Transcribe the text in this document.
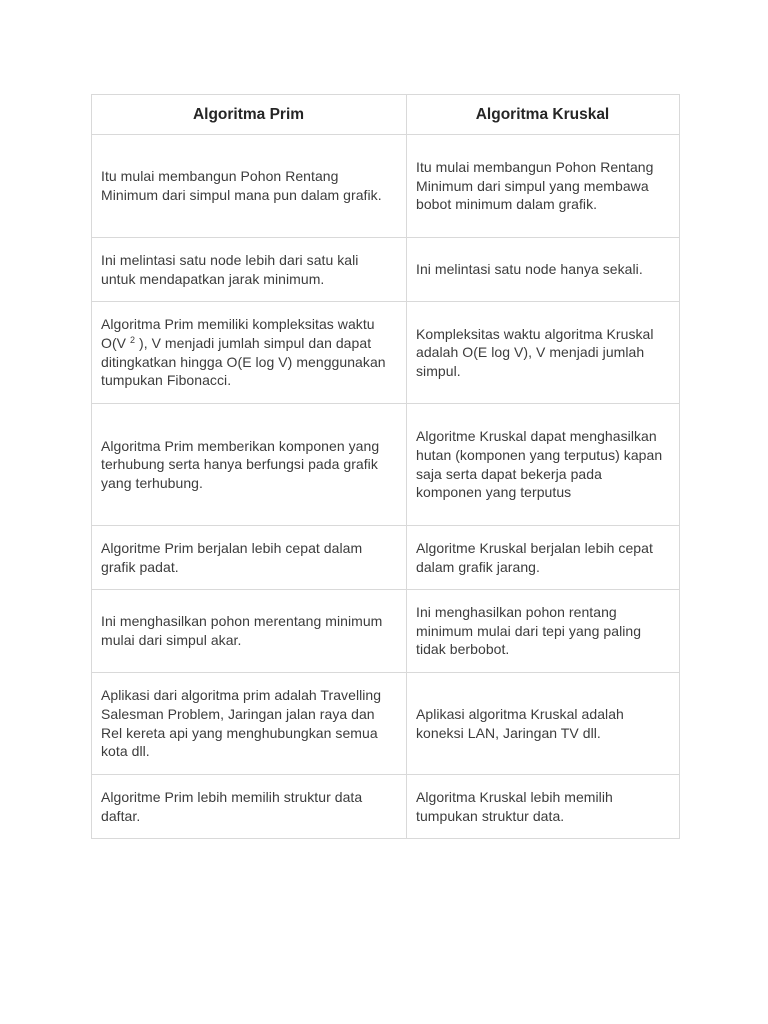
Algoritma Prim	Algoritma Kruskal
Itu mulai membangun Pohon Rentang Minimum dari simpul mana pun dalam grafik.	Itu mulai membangun Pohon Rentang Minimum dari simpul yang membawa bobot minimum dalam grafik.
Ini melintasi satu node lebih dari satu kali untuk mendapatkan jarak minimum.	Ini melintasi satu node hanya sekali.
Algoritma Prim memiliki kompleksitas waktu O(V $^2$ ), V menjadi jumlah simpul dan dapat ditingkatkan hingga O(E log V) menggunakan tumpukan Fibonacci.	Kompleksitas waktu algoritma Kruskal adalah O(E log V), V menjadi jumlah simpul.
Algoritma Prim memberikan komponen yang terhubung serta hanya berfungsi pada grafik yang terhubung.	Algoritme Kruskal dapat menghasilkan hutan (komponen yang terputus) kapan saja serta dapat bekerja pada komponen yang terputus
Algoritme Prim berjalan lebih cepat dalam grafik padat.	Algoritme Kruskal berjalan lebih cepat dalam grafik jarang.
Ini menghasilkan pohon merentang minimum mulai dari simpul akar.	Ini menghasilkan pohon rentang minimum mulai dari tepi yang paling tidak berbobot.
Aplikasi dari algoritma prim adalah Travelling Salesman Problem, Jaringan jalan raya dan Rel kereta api yang menghubungkan semua kota dll.	Aplikasi algoritma Kruskal adalah koneksi LAN, Jaringan TV dll.
Algoritme Prim lebih memilih struktur data daftar.	Algoritma Kruskal lebih memilih tumpukan struktur data.
